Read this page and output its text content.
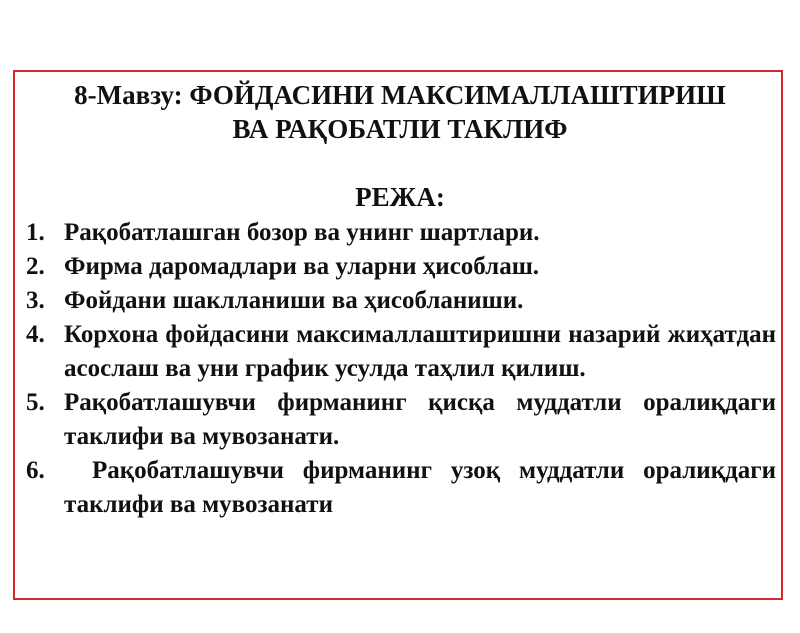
8-Мавзу: ФОЙДАСИНИ МАКСИМАЛЛАШТИРИШ
ВА РАҚОБАТЛИ ТАКЛИФ
РЕЖА:
1. Рақобатлашган бозор ва унинг шартлари.
2. Фирма даромадлари ва уларни ҳисоблаш.
3. Фойдани шаклланиши ва ҳисобланиши.
4. Корхона фойдасини максималлаштиришни назарий жиҳатдан асослаш ва уни график усулда таҳлил қилиш.
5. Рақобатлашувчи фирманинг қисқа муддатли оралиқдаги таклифи ва мувозанати.
6.	Рақобатлашувчи фирманинг узоқ муддатли оралиқдаги таклифи ва мувозанати
